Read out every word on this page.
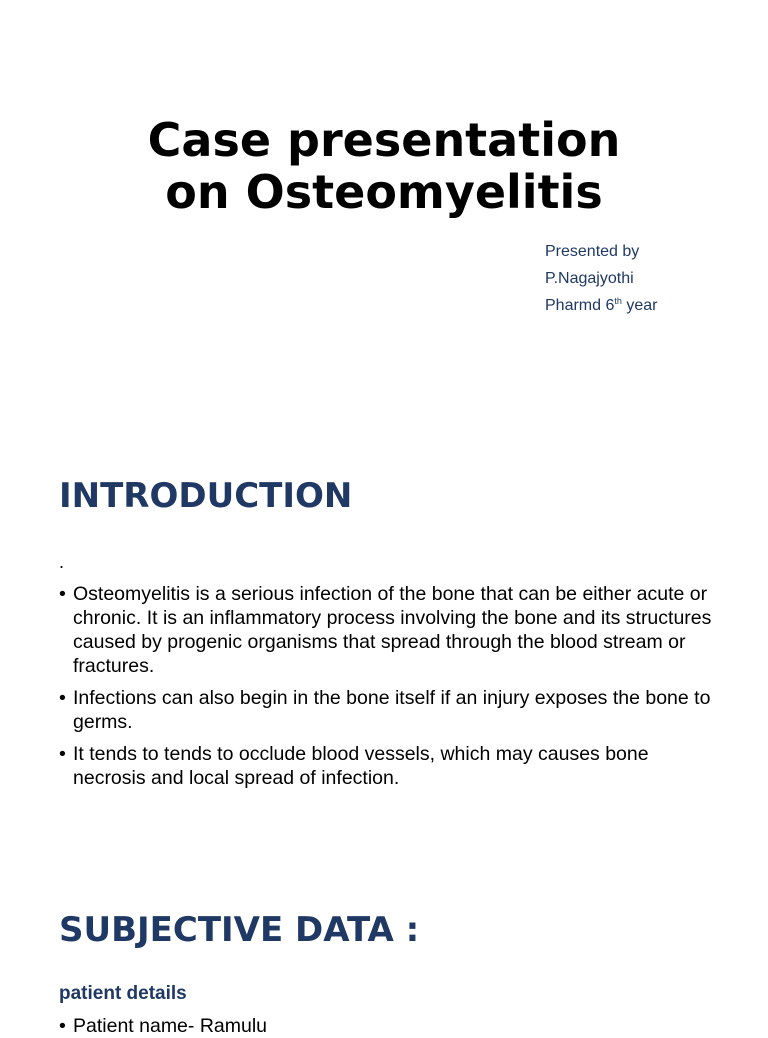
Case presentation
on Osteomyelitis
Presented by
P.Nagajyothi
Pharmd 6th year
INTRODUCTION
.
• Osteomyelitis is a serious infection of the bone that can be either acute or chronic. It is an inflammatory process involving the bone and its structures caused by progenic organisms that spread through the blood stream or fractures.
• Infections can also begin in the bone itself if an injury exposes the bone to germs.
• It tends to tends to occlude blood vessels, which may causes bone necrosis and local spread of infection.
SUBJECTIVE DATA :
patient details
• Patient name- Ramulu
